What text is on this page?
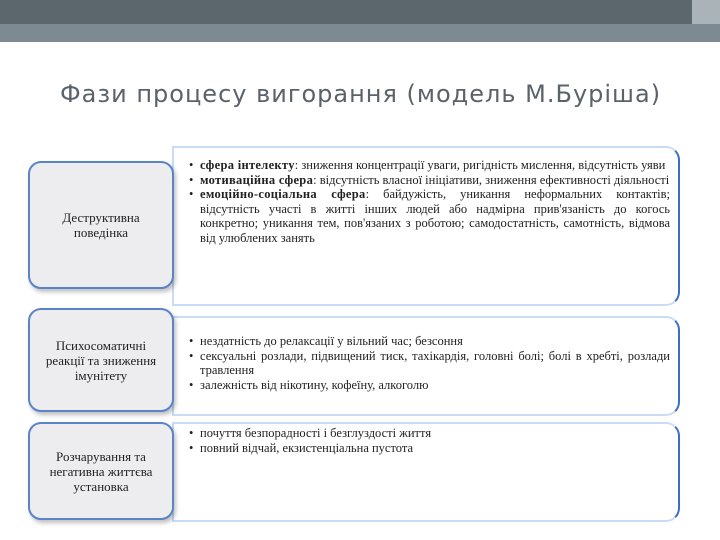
Фази процесу вигорання (модель М.Буріша)
• сфера інтелекту: зниження концентрації уваги, ригідність мислення, відсутність уяви
• мотиваційна сфера: відсутність власної ініціативи, зниження ефективності діяльності
• емоційно-соціальна сфера: байдужість, уникання неформальних контактів; відсутність участі в житті інших людей або надмірна прив'язаність до когось конкретно; уникання тем, пов'язаних з роботою; самодостатність, самотність, відмова від улюблених занять
Деструктивна поведінка
• нездатність до релаксації у вільний час; безсоння
• сексуальні розлади, підвищений тиск, тахікардія, головні болі; болі в хребті, розлади травлення
• залежність від нікотину, кофеїну, алкоголю
Психосоматичні реакції та зниження імунітету
• почуття безпорадності і безглуздості життя
• повний відчай, екзистенціальна пустота
Розчарування та негативна життєва установка
